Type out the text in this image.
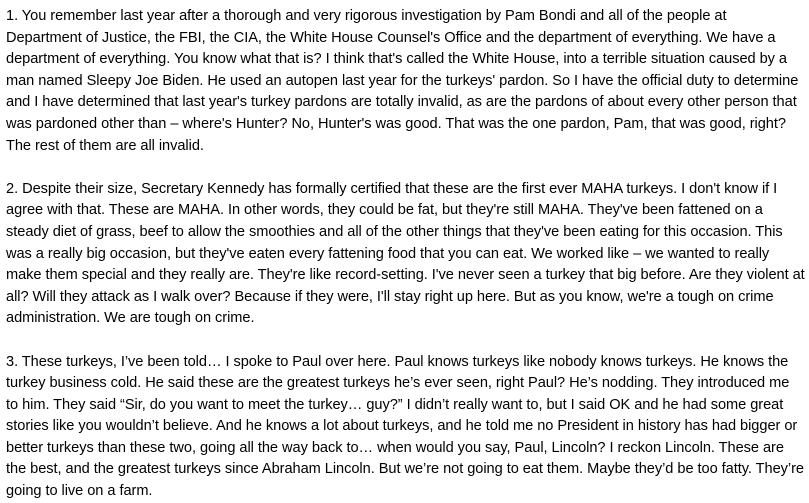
1. You remember last year after a thorough and very rigorous investigation by Pam Bondi and all of the people at Department of Justice, the FBI, the CIA, the White House Counsel's Office and the department of everything. We have a department of everything. You know what that is? I think that's called the White House, into a terrible situation caused by a man named Sleepy Joe Biden. He used an autopen last year for the turkeys' pardon. So I have the official duty to determine and I have determined that last year's turkey pardons are totally invalid, as are the pardons of about every other person that was pardoned other than – where's Hunter? No, Hunter's was good. That was the one pardon, Pam, that was good, right? The rest of them are all invalid.

2. Despite their size, Secretary Kennedy has formally certified that these are the first ever MAHA turkeys. I don't know if I agree with that. These are MAHA. In other words, they could be fat, but they're still MAHA. They've been fattened on a steady diet of grass, beef to allow the smoothies and all of the other things that they've been eating for this occasion. This was a really big occasion, but they've eaten every fattening food that you can eat. We worked like – we wanted to really make them special and they really are. They're like record-setting. I've never seen a turkey that big before. Are they violent at all? Will they attack as I walk over? Because if they were, I'll stay right up here. But as you know, we're a tough on crime administration. We are tough on crime.

3. These turkeys, I’ve been told… I spoke to Paul over here. Paul knows turkeys like nobody knows turkeys. He knows the turkey business cold. He said these are the greatest turkeys he’s ever seen, right Paul? He’s nodding. They introduced me to him. They said “Sir, do you want to meet the turkey… guy?” I didn’t really want to, but I said OK and he had some great stories like you wouldn’t believe. And he knows a lot about turkeys, and he told me no President in history has had bigger or better turkeys than these two, going all the way back to… when would you say, Paul, Lincoln? I reckon Lincoln. These are the best, and the greatest turkeys since Abraham Lincoln. But we’re not going to eat them. Maybe they’d be too fatty. They’re going to live on a farm.
